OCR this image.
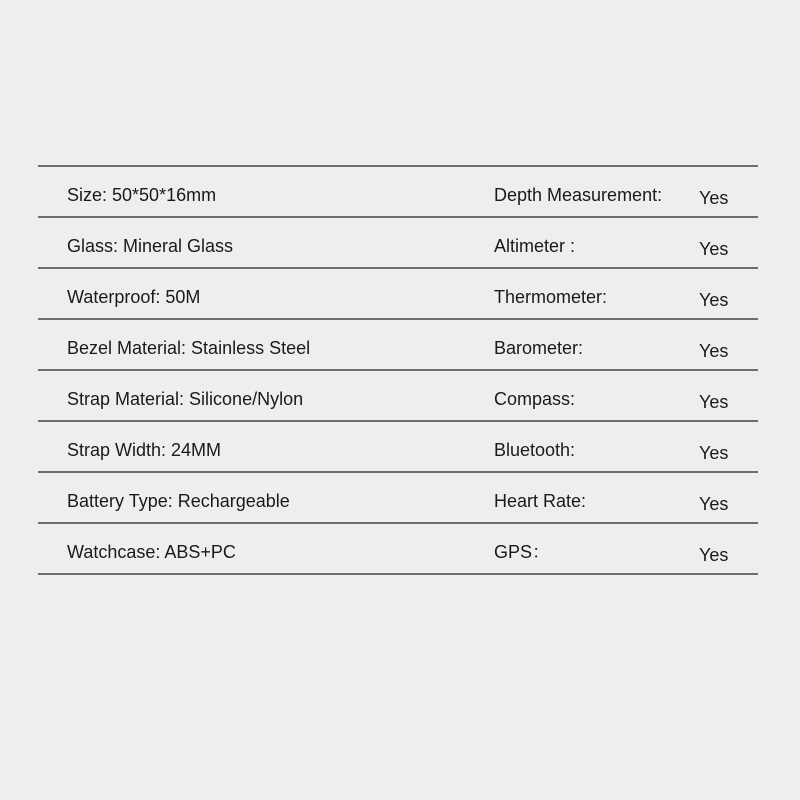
Size: 50*50*16mm	Depth Measurement: Yes
Glass: Mineral Glass	Altimeter :	Yes
Waterproof: 50M	Thermometer:	Yes
Bezel Material: Stainless Steel	Barometer:	Yes
Strap Material: Silicone/Nylon	Compass:	Yes
Strap Width: 24MM	Bluetooth:	Yes
Battery Type: Rechargeable	Heart Rate:	Yes
Watchcase: ABS+PC	GPS：	Yes
